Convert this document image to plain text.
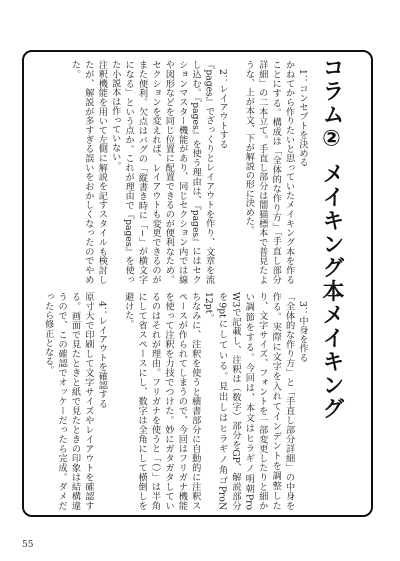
コラム② メイキング本メイキング
1：コンセプトを決める
かねてから作りたいと思っていたメイキング本を作ることにする。構成は「全体的な作り方」「手直し部分詳細」の二本立て。手直し部分は闇猫標本で普見たような、上が本文、下が解説の形に決めた。
2：レイアウトする
『pages』でざっくりとレイアウトを作り、文章を流し込む。『pages』を使う理由は、『pages』にはセクションマスター機能があり、同じセクション内では線や図形などを同じ位置に配置できるのが便利なため。セクションを変えれば、レイアウトも変更できるのがまた便利。欠点はバグの「縦書き時に「−」が横文字になる」という点か。これが理由で『pages』を使った小説本は作っていない。
注釈機能を用いて左側に解説を記すスタイルも検討したが、解説が多すぎる誤いをおかしくなったのでやめた。
3：中身を作る
「全体的な作り方」と「手直し部分詳細」の中身を作る。実際に文字を入れてインデントを調整したり、文字サイズ、フォントを一部変更したりと細かい調節をする。今回は、本文はヒラギノ明朝Pro W3で記載し、注釈は（数字）部分をGP、解説部分を9ptにしている。見出しはヒラギノ角ゴProN 12pt。
ちなみに、注釈を使うと横書部分に自動的に注釈スペースが作られてしまうので、今回はフリガナ機能を使って注釈を力技でつけた。妙にガタガタしているのはそれが理由。フリガナを使うと「（）」は半角にして省スペースにし、数字は全角にして横倒しを避けた。
4：レイアウトを確認する
原寸大で印刷して文字サイズやレイアウトを確認する。画面で見たときと紙で見たときの印象は結構違うので、この確認でオッケーだったら完成。ダメだったら修正となる。
55
